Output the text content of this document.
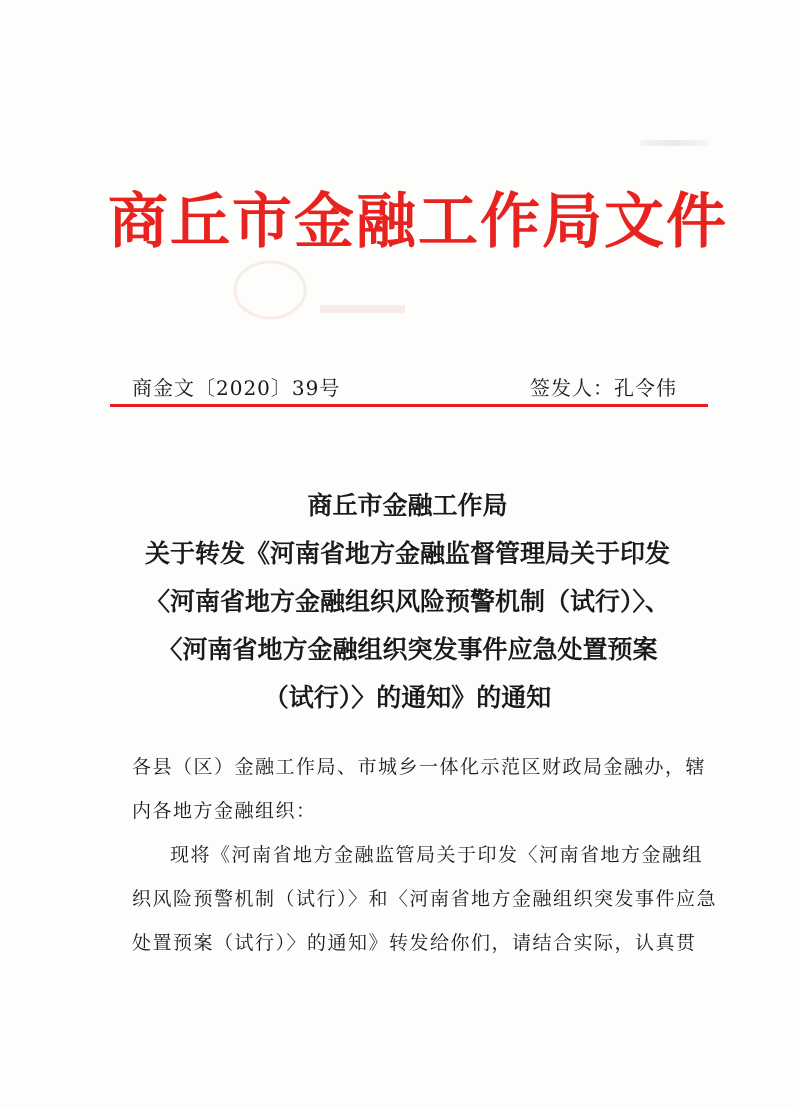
商丘市金融工作局文件
商金文〔2020〕39号	签发人：孔令伟
商丘市金融工作局
关于转发《河南省地方金融监督管理局关于印发
〈河南省地方金融组织风险预警机制（试行）〉、
〈河南省地方金融组织突发事件应急处置预案
（试行）〉的通知》的通知
各县（区）金融工作局、市城乡一体化示范区财政局金融办，辖
内各地方金融组织：
现将《河南省地方金融监管局关于印发〈河南省地方金融组
织风险预警机制（试行）〉和〈河南省地方金融组织突发事件应急
处置预案（试行）〉的通知》转发给你们，请结合实际，认真贯
